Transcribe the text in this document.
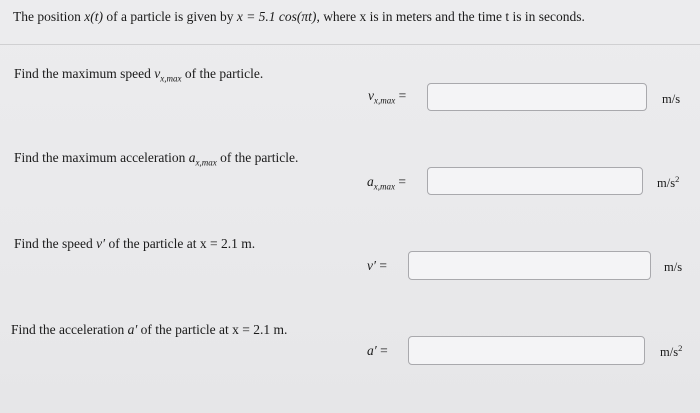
The position x(t) of a particle is given by x = 5.1 cos(πt), where x is in meters and the time t is in seconds.
Find the maximum speed $v_{x,max}$ of the particle.
$v_{x,max}$ =	m/s
Find the maximum acceleration $a_{x,max}$ of the particle.
$a_{x,max}$ =	$m/s^2$
Find the speed v′ of the particle at x = 2.1 m.
v′ =	m/s
Find the acceleration a′ of the particle at x = 2.1 m.
a′ =	$m/s^2$
